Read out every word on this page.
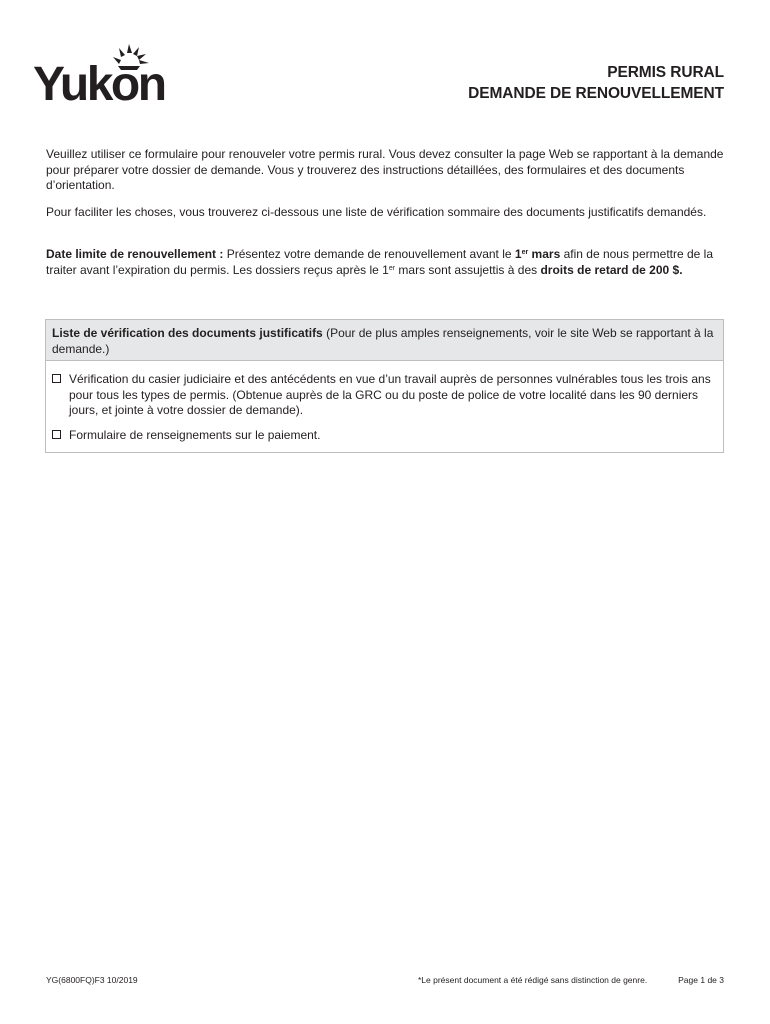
Yukon	PERMIS RURAL
DEMANDE DE RENOUVELLEMENT
Veuillez utiliser ce formulaire pour renouveler votre permis rural. Vous devez consulter la page Web se rapportant à la demande pour préparer votre dossier de demande. Vous y trouverez des instructions détaillées, des formulaires et des documents d’orientation.
Pour faciliter les choses, vous trouverez ci-dessous une liste de vérification sommaire des documents justificatifs demandés.
Date limite de renouvellement : Présentez votre demande de renouvellement avant le 1er mars afin de nous permettre de la traiter avant l’expiration du permis. Les dossiers reçus après le 1er mars sont assujettis à des droits de retard de 200 $.
Liste de vérification des documents justificatifs (Pour de plus amples renseignements, voir le site Web se rapportant à la demande.)
Vérification du casier judiciaire et des antécédents en vue d’un travail auprès de personnes vulnérables tous les trois ans pour tous les types de permis. (Obtenue auprès de la GRC ou du poste de police de votre localité dans les 90 derniers jours, et jointe à votre dossier de demande).
Formulaire de renseignements sur le paiement.
YG(6800FQ)F3 10/2019	*Le présent document a été rédigé sans distinction de genre.	Page 1 de 3
